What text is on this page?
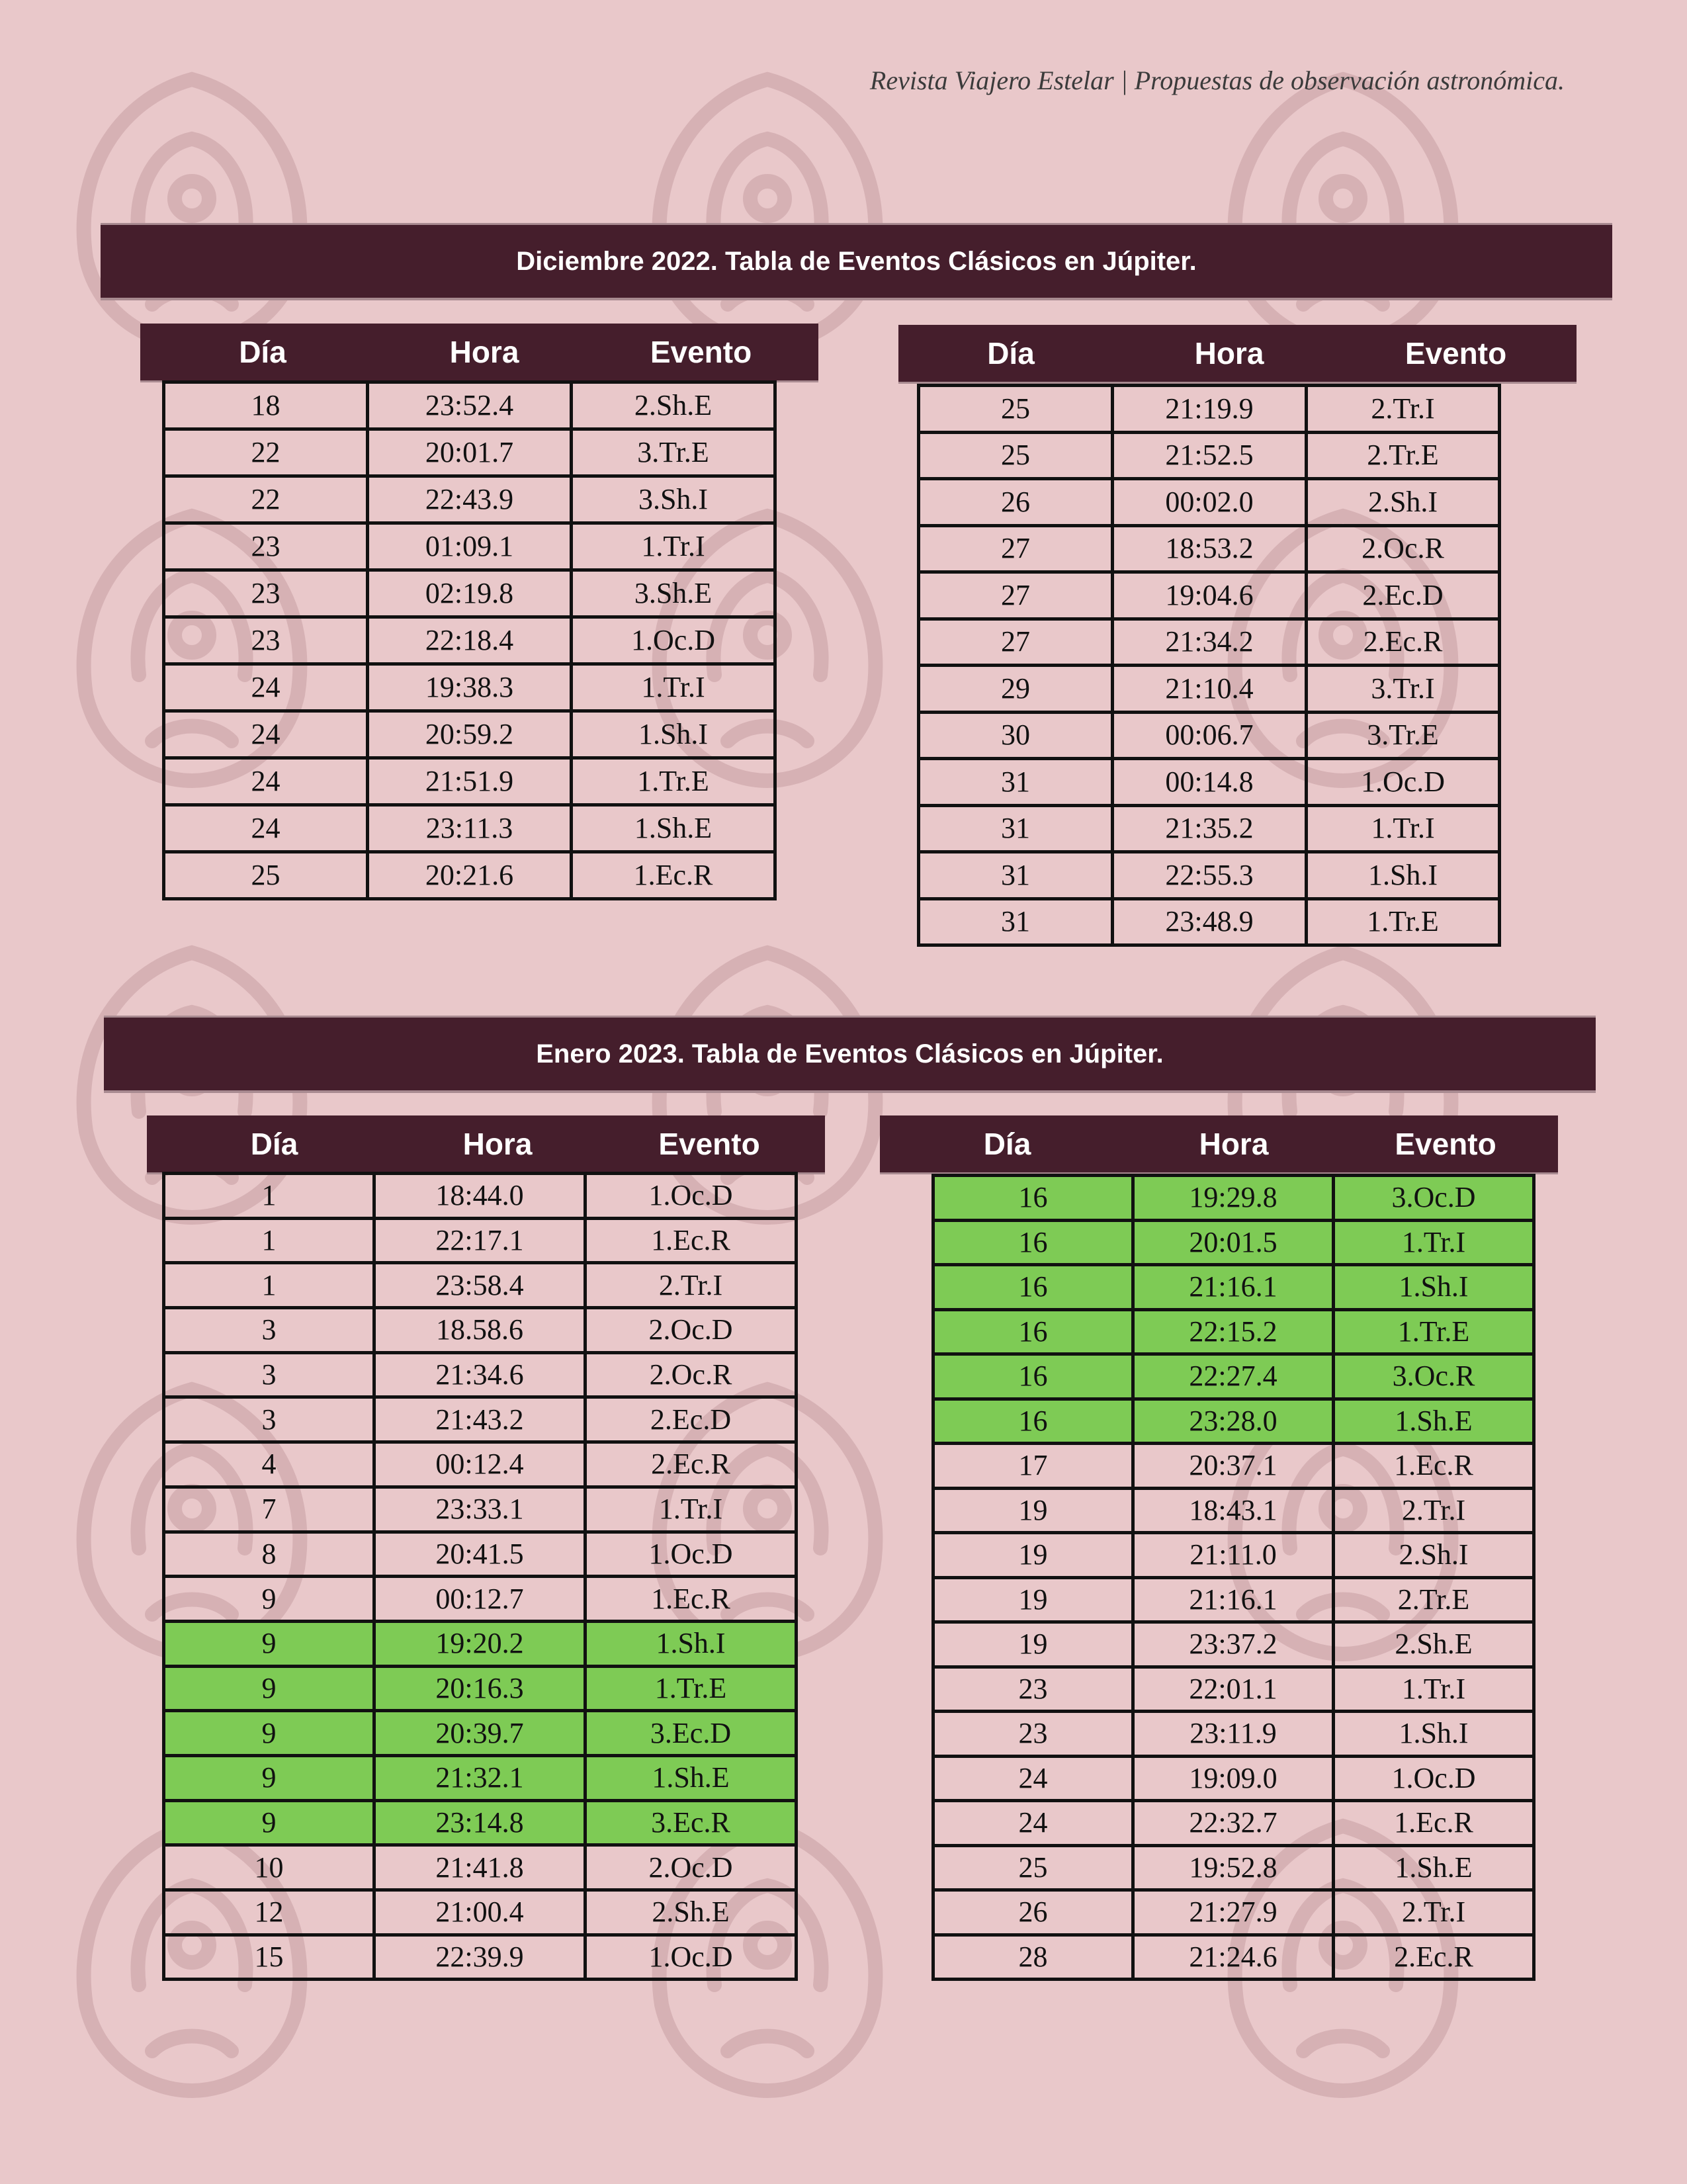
Revista Viajero Estelar | Propuestas de observación astronómica.
Diciembre 2022. Tabla de Eventos Clásicos en Júpiter.
Día	Hora	Evento
18	23:52.4	2.Sh.E
22	20:01.7	3.Tr.E
22	22:43.9	3.Sh.I
23	01:09.1	1.Tr.I
23	02:19.8	3.Sh.E
23	22:18.4	1.Oc.D
24	19:38.3	1.Tr.I
24	20:59.2	1.Sh.I
24	21:51.9	1.Tr.E
24	23:11.3	1.Sh.E
25	20:21.6	1.Ec.R
Día	Hora	Evento
25	21:19.9	2.Tr.I
25	21:52.5	2.Tr.E
26	00:02.0	2.Sh.I
27	18:53.2	2.Oc.R
27	19:04.6	2.Ec.D
27	21:34.2	2.Ec.R
29	21:10.4	3.Tr.I
30	00:06.7	3.Tr.E
31	00:14.8	1.Oc.D
31	21:35.2	1.Tr.I
31	22:55.3	1.Sh.I
31	23:48.9	1.Tr.E
Enero 2023. Tabla de Eventos Clásicos en Júpiter.
Día	Hora	Evento
1	18:44.0	1.Oc.D
1	22:17.1	1.Ec.R
1	23:58.4	2.Tr.I
3	18.58.6	2.Oc.D
3	21:34.6	2.Oc.R
3	21:43.2	2.Ec.D
4	00:12.4	2.Ec.R
7	23:33.1	1.Tr.I
8	20:41.5	1.Oc.D
9	00:12.7	1.Ec.R
9	19:20.2	1.Sh.I
9	20:16.3	1.Tr.E
9	20:39.7	3.Ec.D
9	21:32.1	1.Sh.E
9	23:14.8	3.Ec.R
10	21:41.8	2.Oc.D
12	21:00.4	2.Sh.E
15	22:39.9	1.Oc.D
Día	Hora	Evento
16	19:29.8	3.Oc.D
16	20:01.5	1.Tr.I
16	21:16.1	1.Sh.I
16	22:15.2	1.Tr.E
16	22:27.4	3.Oc.R
16	23:28.0	1.Sh.E
17	20:37.1	1.Ec.R
19	18:43.1	2.Tr.I
19	21:11.0	2.Sh.I
19	21:16.1	2.Tr.E
19	23:37.2	2.Sh.E
23	22:01.1	1.Tr.I
23	23:11.9	1.Sh.I
24	19:09.0	1.Oc.D
24	22:32.7	1.Ec.R
25	19:52.8	1.Sh.E
26	21:27.9	2.Tr.I
28	21:24.6	2.Ec.R
